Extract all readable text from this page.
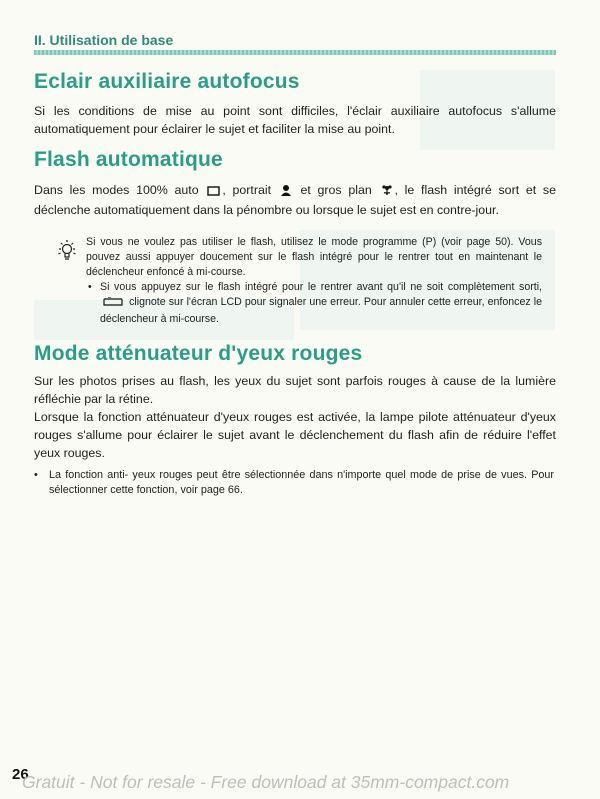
II. Utilisation de base
Eclair auxiliaire autofocus

Si les conditions de mise au point sont difficiles, l'éclair auxiliaire autofocus s'allume automatiquement pour éclairer le sujet et faciliter la mise au point.

Flash automatique

Dans les modes 100% auto , portrait et gros plan , le flash intégré sort et se déclenche automatiquement dans la pénombre ou lorsque le sujet est en contre-jour.

Si vous ne voulez pas utiliser le flash, utilisez le mode programme (P) (voir page 50). Vous pouvez aussi appuyer doucement sur le flash intégré pour le rentrer tout en maintenant le déclencheur enfoncé à mi-course.
• Si vous appuyez sur le flash intégré pour le rentrer avant qu'il ne soit complètement sorti,  clignote sur l'écran LCD pour signaler une erreur. Pour annuler cette erreur, enfoncez le déclencheur à mi-course.
Mode atténuateur d'yeux rouges

Sur les photos prises au flash, les yeux du sujet sont parfois rouges à cause de la lumière réfléchie par la rétine.

Lorsque la fonction atténuateur d'yeux rouges est activée, la lampe pilote atténuateur d'yeux rouges s'allume pour éclairer le sujet avant le déclenchement du flash afin de réduire l'effet yeux rouges.

• La fonction anti- yeux rouges peut être sélectionnée dans n'importe quel mode de prise de vues. Pour sélectionner cette fonction, voir page 66.
26
Gratuit - Not for resale - Free download at 35mm-compact.com
